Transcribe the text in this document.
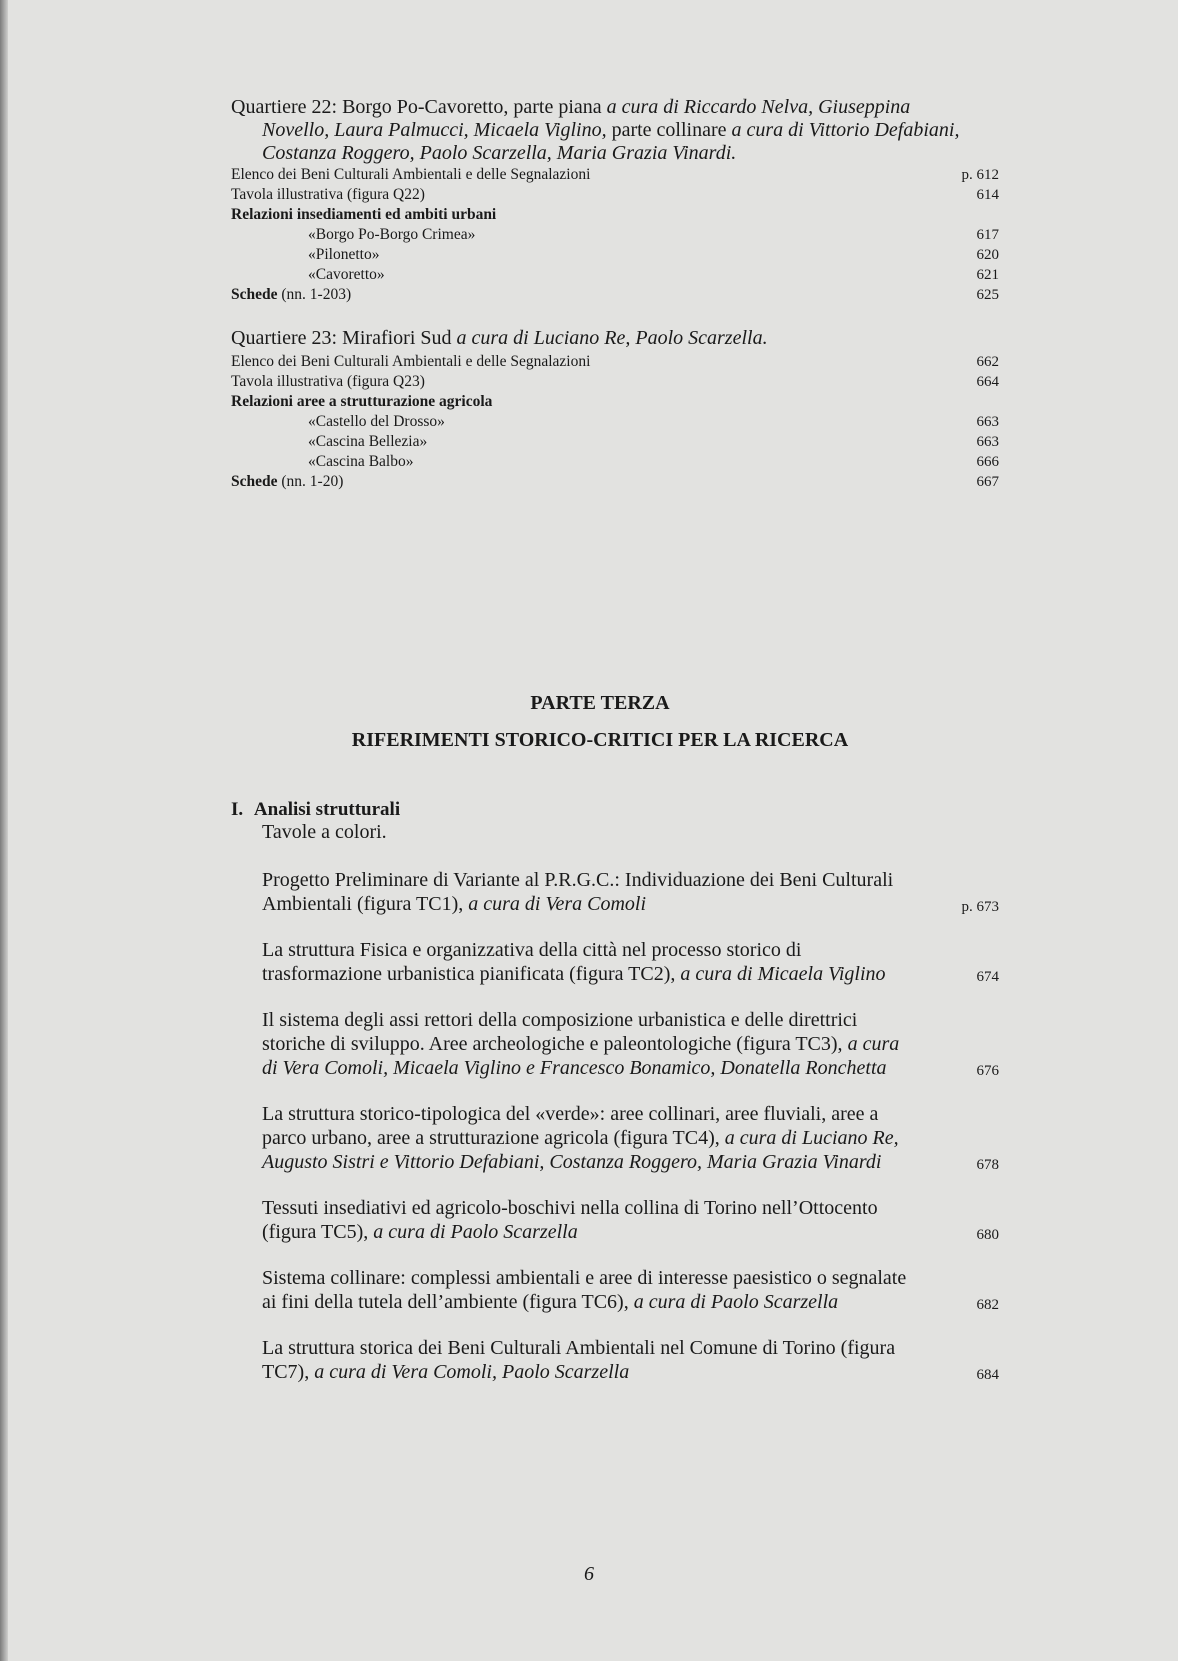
Quartiere 22: Borgo Po-Cavoretto, parte piana a cura di Riccardo Nelva, Giuseppina Novello, Laura Palmucci, Micaela Viglino, parte collinare a cura di Vittorio Defabiani, Costanza Roggero, Paolo Scarzella, Maria Grazia Vinardi.
Elenco dei Beni Culturali Ambientali e delle Segnalazioni	p. 612
Tavola illustrativa (figura Q22)	614
Relazioni insediamenti ed ambiti urbani
«Borgo Po-Borgo Crimea»	617
«Pilonetto»	620
«Cavoretto»	621
Schede (nn. 1-203)	625
Quartiere 23: Mirafiori Sud a cura di Luciano Re, Paolo Scarzella.
Elenco dei Beni Culturali Ambientali e delle Segnalazioni	662
Tavola illustrativa (figura Q23)	664
Relazioni aree a strutturazione agricola
«Castello del Drosso»	663
«Cascina Bellezia»	663
«Cascina Balbo»	666
Schede (nn. 1-20)	667
PARTE TERZA
RIFERIMENTI STORICO-CRITICI PER LA RICERCA
I. Analisi strutturali
Tavole a colori.
Progetto Preliminare di Variante al P.R.G.C.: Individuazione dei Beni Culturali Ambientali (figura TC1), a cura di Vera Comoli	p. 673
La struttura Fisica e organizzativa della città nel processo storico di trasformazione urbanistica pianificata (figura TC2), a cura di Micaela Viglino	674
Il sistema degli assi rettori della composizione urbanistica e delle direttrici storiche di sviluppo. Aree archeologiche e paleontologiche (figura TC3), a cura di Vera Comoli, Micaela Viglino e Francesco Bonamico, Donatella Ronchetta	676
La struttura storico-tipologica del «verde»: aree collinari, aree fluviali, aree a parco urbano, aree a strutturazione agricola (figura TC4), a cura di Luciano Re, Augusto Sistri e Vittorio Defabiani, Costanza Roggero, Maria Grazia Vinardi	678
Tessuti insediativi ed agricolo-boschivi nella collina di Torino nell’Ottocento (figura TC5), a cura di Paolo Scarzella	680
Sistema collinare: complessi ambientali e aree di interesse paesistico o segnalate ai fini della tutela dell’ambiente (figura TC6), a cura di Paolo Scarzella	682
La struttura storica dei Beni Culturali Ambientali nel Comune di Torino (figura TC7), a cura di Vera Comoli, Paolo Scarzella	684
6
